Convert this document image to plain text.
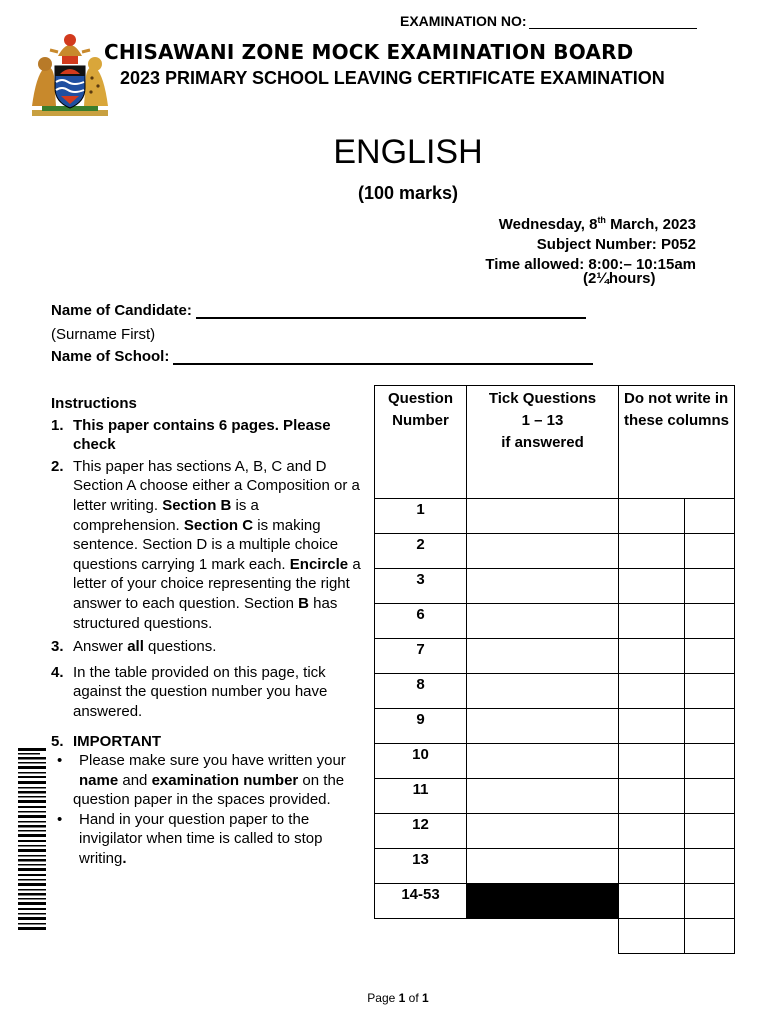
EXAMINATION NO:
CHISAWANI ZONE MOCK EXAMINATION BOARD
2023 PRIMARY SCHOOL LEAVING CERTIFICATE EXAMINATION
ENGLISH
(100 marks)
Wednesday, 8th March, 2023
Subject Number: P052
Time allowed: 8:00:– 10:15am
(2¼hours)
Name of Candidate:
(Surname First)
Name of School:
Instructions
1. This paper contains 6 pages. Please check
2. This paper has sections A, B, C and D Section A choose either a Composition or a letter writing. Section B is a comprehension. Section C is making sentence. Section D is a multiple choice questions carrying 1 mark each. Encircle a letter of your choice representing the right answer to each question. Section B has structured questions.
3. Answer all questions.
4. In the table provided on this page, tick against the question number you have answered.
5. IMPORTANT
• Please make sure you have written your name and examination number on the
question paper in the spaces provided.
• Hand in your question paper to the invigilator when time is called to stop writing.
Question Number	Tick Questions
1 – 13
if answered	Do not write in these columns	
1			
2			
3			
6			
7			
8			
9			
10			
11			
12			
13			
14-53			

Page 1 of 1
